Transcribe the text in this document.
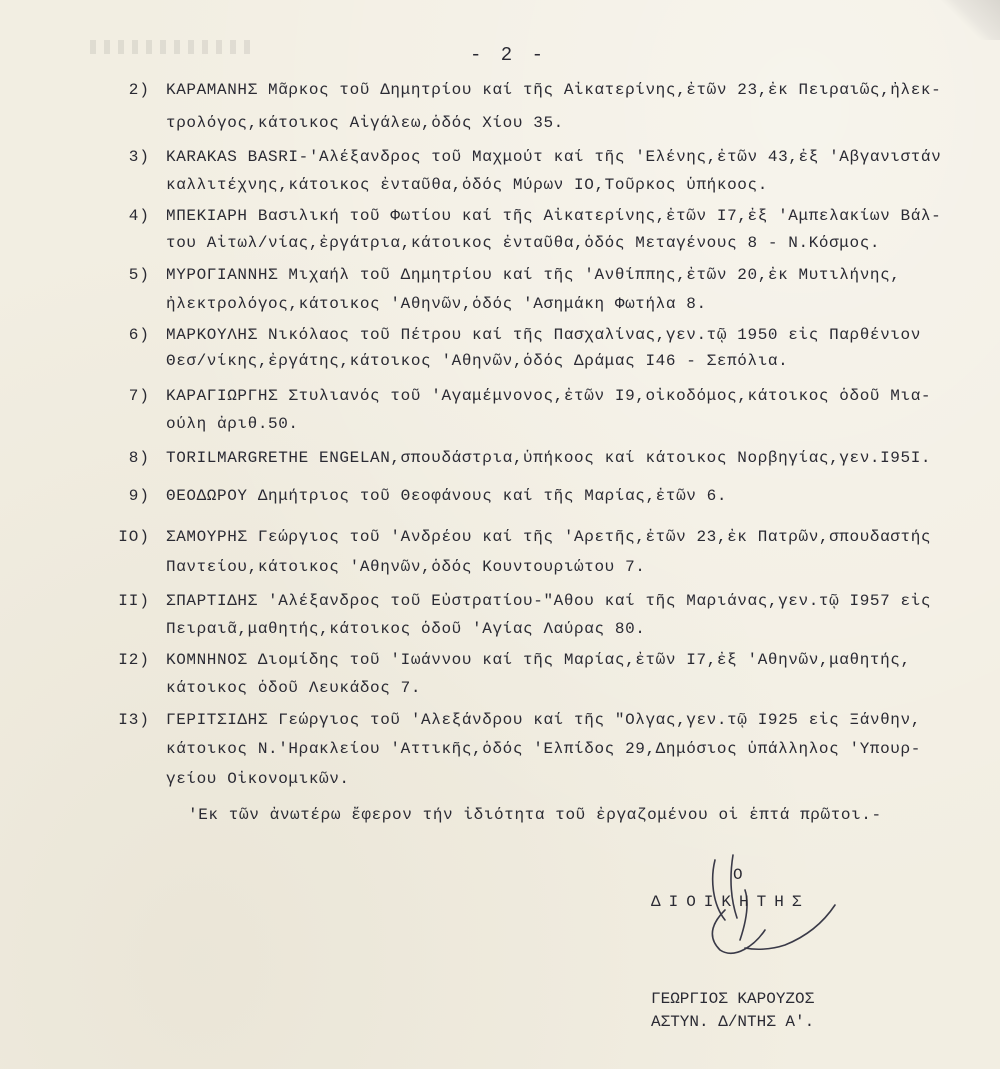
- 2 -
2) ΚΑΡΑΜΑΝΗΣ Μᾶρκος τοῦ Δημητρίου καί τῆς Αἰκατερίνης,ἐτῶν 23,ἐκ Πειραιῶς,ἠλεκ-
τρολόγος,κάτοικος Αἰγάλεω,ὁδός Χίου 35.
3) KARAKAS BASRI-'Αλέξανδρος τοῦ Μαχμούτ καί τῆς 'Ελένης,ἐτῶν 43,ἐξ 'Αβγανιστάν
καλλιτέχνης,κάτοικος ἐνταῦθα,ὁδός Μύρων ΙΟ,Τοῦρκος ὑπήκοος.
4) ΜΠΕΚΙΑΡΗ Βασιλική τοῦ Φωτίου καί τῆς Αἰκατερίνης,ἐτῶν Ι7,ἐξ 'Αμπελακίων Βάλ-
του Αἰτωλ/νίας,ἐργάτρια,κάτοικος ἐνταῦθα,ὁδός Μεταγένους 8 - Ν.Κόσμος.
5) ΜΥΡΟΓΙΑΝΝΗΣ Μιχαήλ τοῦ Δημητρίου καί τῆς 'Ανθίππης,ἐτῶν 20,ἐκ Μυτιλήνης,
ἠλεκτρολόγος,κάτοικος 'Αθηνῶν,ὁδός 'Ασημάκη Φωτήλα 8.
6) ΜΑΡΚΟΥΛΗΣ Νικόλαος τοῦ Πέτρου καί τῆς Πασχαλίνας,γεν.τῷ 1950 εἰς Παρθένιον
Θεσ/νίκης,ἐργάτης,κάτοικος 'Αθηνῶν,ὁδός Δράμας Ι46 - Σεπόλια.
7) ΚΑΡΑΓΙΩΡΓΗΣ Στυλιανός τοῦ 'Αγαμέμνονος,ἐτῶν Ι9,οἰκοδόμος,κάτοικος ὁδοῦ Μια-
ούλη ἀριθ.50.
8) TORILMARGRETHE ENGELAN,σπουδάστρια,ὑπήκοος καί κάτοικος Νορβηγίας,γεν.Ι95Ι.
9) ΘΕΟΔΩΡΟΥ Δημήτριος τοῦ Θεοφάνους καί τῆς Μαρίας,ἐτῶν 6.
ΙΟ) ΣΑΜΟΥΡΗΣ Γεώργιος τοῦ 'Ανδρέου καί τῆς 'Αρετῆς,ἐτῶν 23,ἐκ Πατρῶν,σπουδαστής
Παντείου,κάτοικος 'Αθηνῶν,ὁδός Κουντουριώτου 7.
ΙΙ) ΣΠΑΡΤΙΔΗΣ 'Αλέξανδρος τοῦ Εὐστρατίου-"Αθου καί τῆς Μαριάνας,γεν.τῷ Ι957 εἰς
Πειραιᾶ,μαθητής,κάτοικος ὁδοῦ 'Αγίας Λαύρας 80.
Ι2) ΚΟΜΝΗΝΟΣ Διομίδης τοῦ 'Ιωάννου καί τῆς Μαρίας,ἐτῶν Ι7,ἐξ 'Αθηνῶν,μαθητής,
κάτοικος ὁδοῦ Λευκάδος 7.
Ι3) ΓΕΡΙΤΣΙΔΗΣ Γεώργιος τοῦ 'Αλεξάνδρου καί τῆς "Ολγας,γεν.τῷ Ι925 εἰς Ξάνθην,
κάτοικος Ν.'Ηρακλείου 'Αττικῆς,ὁδός 'Ελπίδος 29,Δημόσιος ὑπάλληλος 'Υπουρ-
γείου Οἰκονομικῶν.
'Εκ τῶν ἀνωτέρω ἔφερον τήν ἰδιότητα τοῦ ἐργαζομένου οἱ ἑπτά πρῶτοι.-
Ο
ΔΙΟΙΚΗΤΗΣ
ΓΕΩΡΓΙΟΣ ΚΑΡΟΥΖΟΣ
ΑΣΤΥΝ. Δ/ΝΤΗΣ Α'.
